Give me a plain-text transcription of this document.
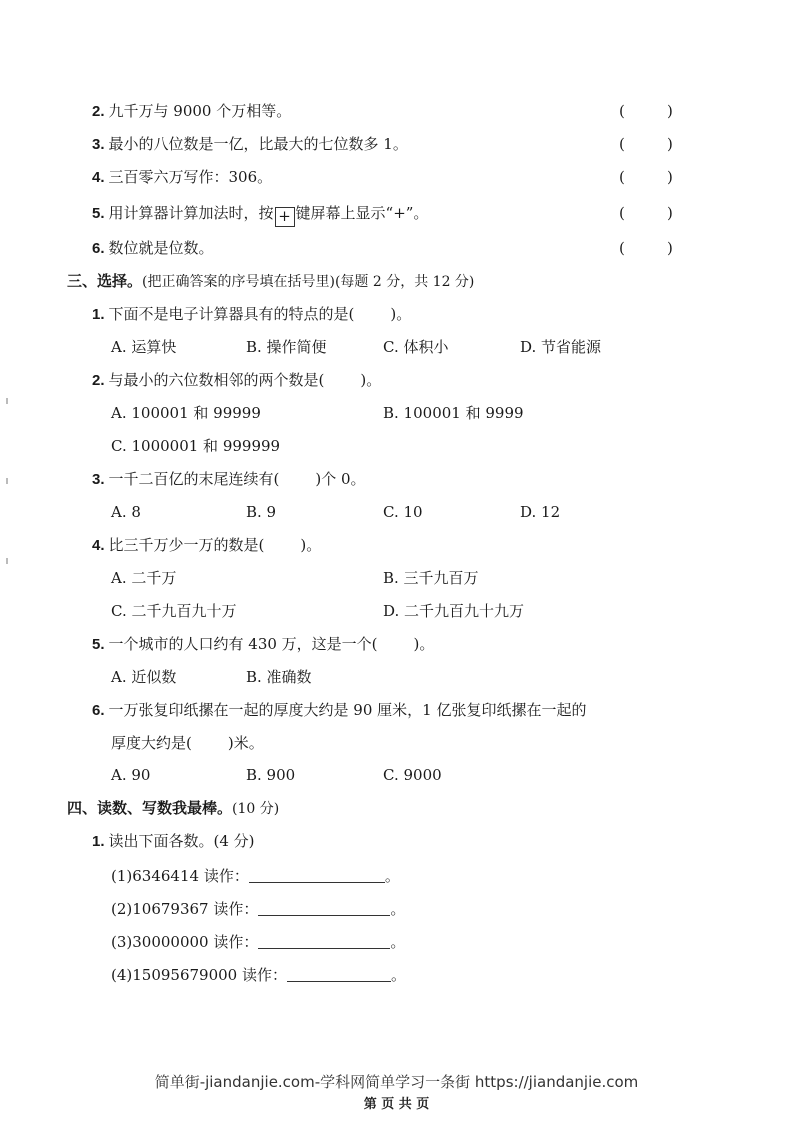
2. 九千万与 9000 个万相等。	(	)
3. 最小的八位数是一亿，比最大的七位数多 1。	(	)
4. 三百零六万写作：306。	(	)
5. 用计算器计算加法时，按 + 键屏幕上显示“+”。	(	)
6. 数位就是位数。	(	)
三、选择。(把正确答案的序号填在括号里)(每题 2 分，共 12 分)
1. 下面不是电子计算器具有的特点的是( )。
A. 运算快	B. 操作简便	C. 体积小	D. 节省能源
2. 与最小的六位数相邻的两个数是( )。
A. 100001 和 99999	B. 100001 和 9999
C. 1000001 和 999999
3. 一千二百亿的末尾连续有( )个 0。
A. 8	B. 9	C. 10	D. 12
4. 比三千万少一万的数是( )。
A. 二千万	B. 三千九百万
C. 二千九百九十万	D. 二千九百九十九万
5. 一个城市的人口约有 430 万，这是一个( )。
A. 近似数	B. 准确数
6. 一万张复印纸摞在一起的厚度大约是 90 厘米，1 亿张复印纸摞在一起的
厚度大约是( )米。
A. 90	B. 900	C. 9000
四、读数、写数我最棒。(10 分)
1. 读出下面各数。(4 分)
(1)6346414 读作：	。
(2)10679367 读作：	。
(3)30000000 读作：	。
(4)15095679000 读作：	。
简单街-jiandanjie.com-学科网简单学习一条街 https://jiandanjie.com
第 页 共 页
